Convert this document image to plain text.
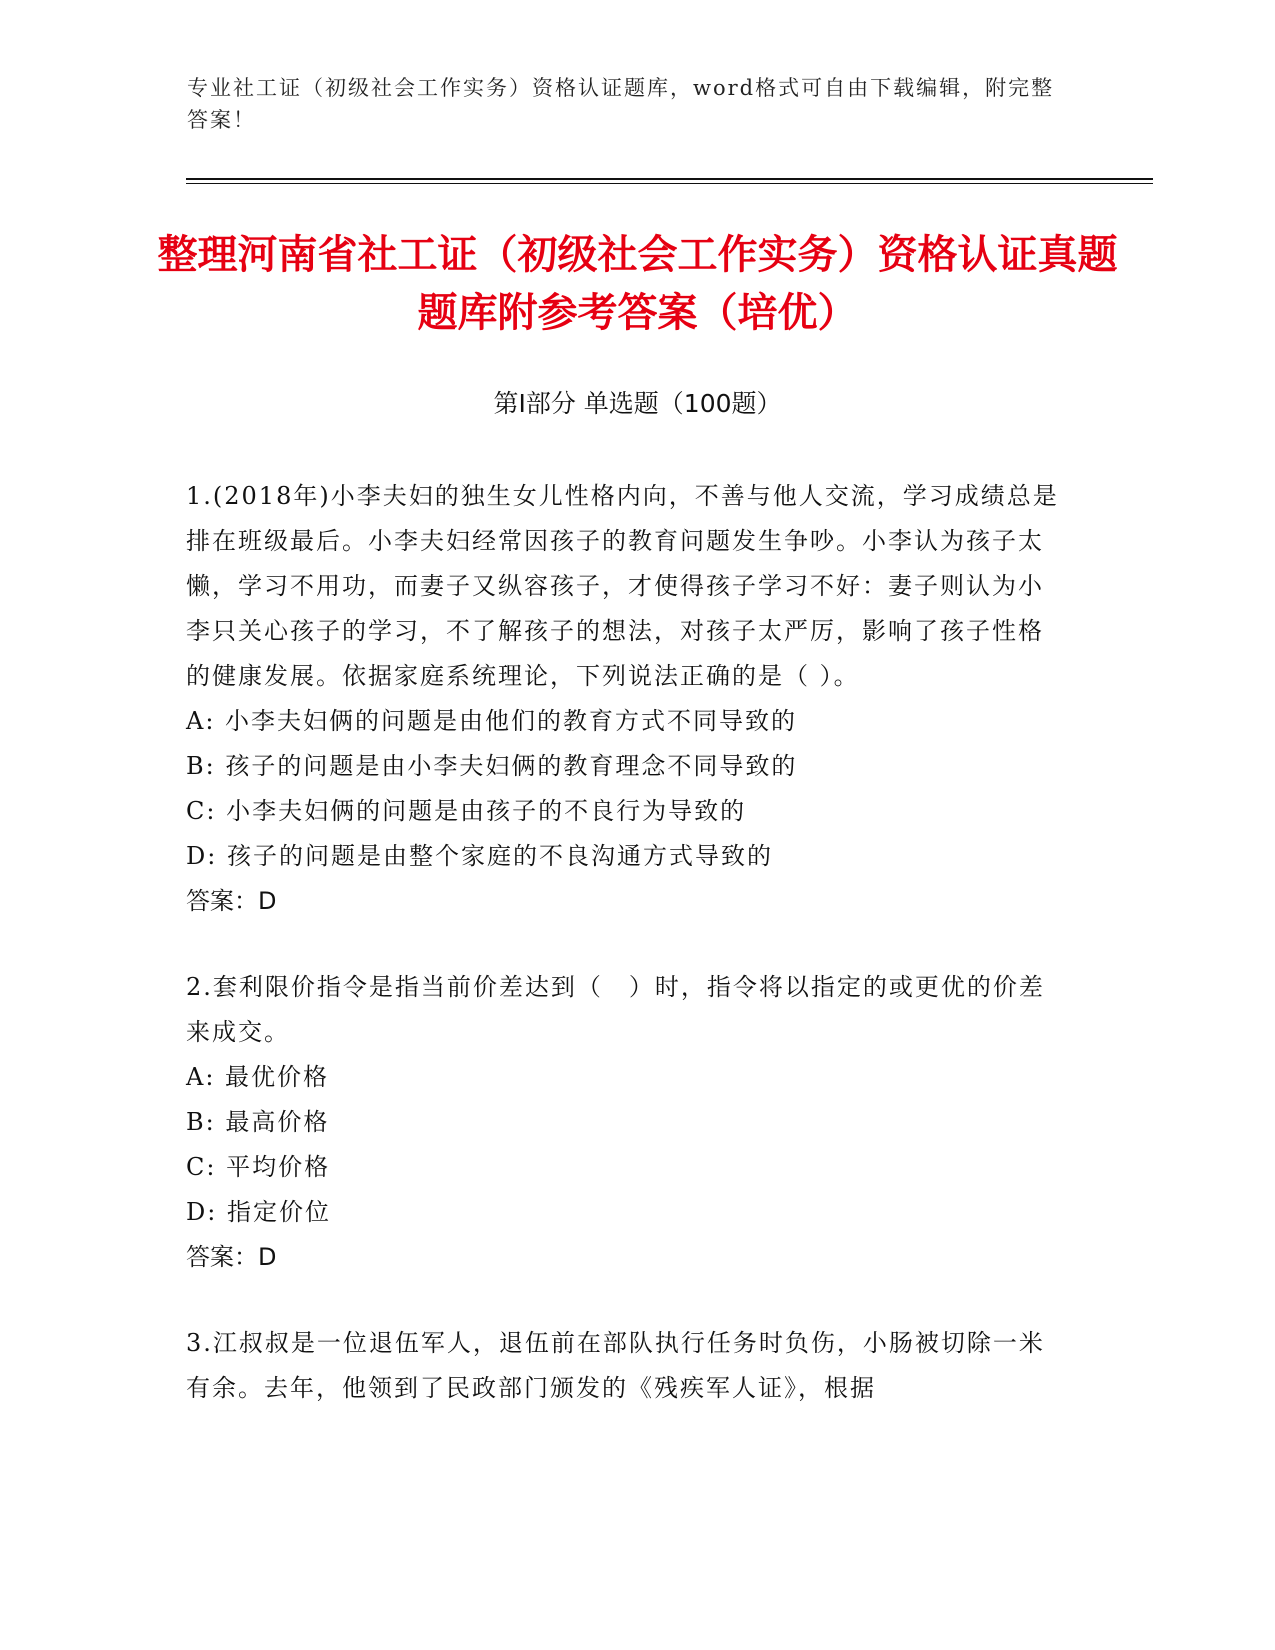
专业社工证（初级社会工作实务）资格认证题库，word格式可自由下载编辑，附完整答案！
整理河南省社工证（初级社会工作实务）资格认证真题题库附参考答案（培优）
第Ⅰ部分 单选题（100题）

1.(2018年)小李夫妇的独生女儿性格内向，不善与他人交流，学习成绩总是排在班级最后。小李夫妇经常因孩子的教育问题发生争吵。小李认为孩子太懒，学习不用功，而妻子又纵容孩子，才使得孩子学习不好：妻子则认为小李只关心孩子的学习，不了解孩子的想法，对孩子太严厉，影响了孩子性格的健康发展。依据家庭系统理论，下列说法正确的是（ ）。

A: 小李夫妇俩的问题是由他们的教育方式不同导致的

B: 孩子的问题是由小李夫妇俩的教育理念不同导致的

C: 小李夫妇俩的问题是由孩子的不良行为导致的

D: 孩子的问题是由整个家庭的不良沟通方式导致的

答案：D

2.套利限价指令是指当前价差达到（　）时，指令将以指定的或更优的价差来成交。

A: 最优价格

B: 最高价格

C: 平均价格

D: 指定价位

答案：D

3.江叔叔是一位退伍军人，退伍前在部队执行任务时负伤，小肠被切除一米有余。去年，他领到了民政部门颁发的《残疾军人证》，根据
